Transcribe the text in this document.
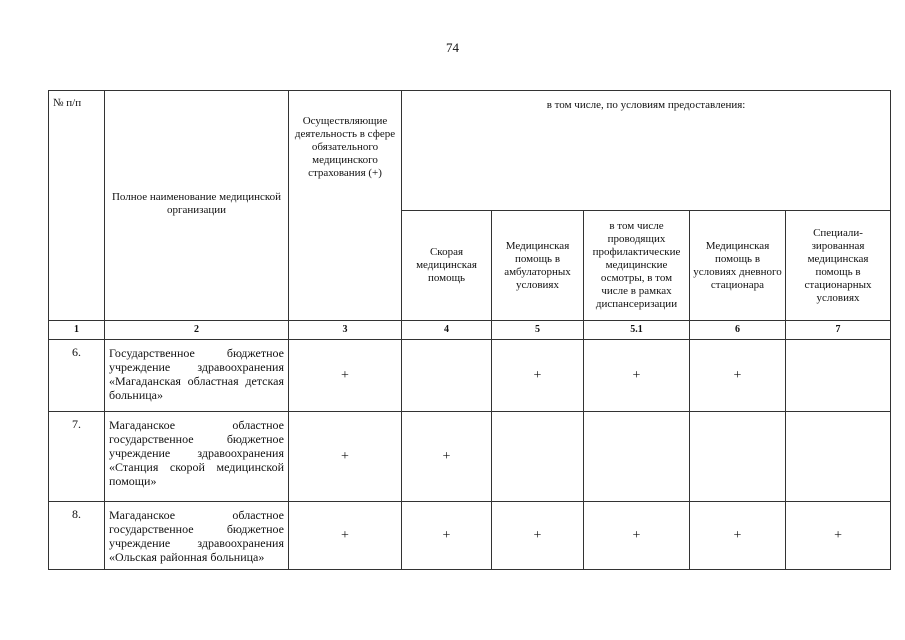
74
№ п/п	Полное наименование медицинской организации	Осуществляющие деятельность в сфере обязательного медицинского страхования (+)	в том числе, по условиям предоставления:				
			Скорая медицинская помощь	Медицинская помощь в амбулаторных условиях	в том числе проводящих профилактические медицинские осмотры, в том числе в рамках диспансеризации	Медицинская помощь в условиях дневного стационара	Специали-зированная медицинская помощь в стационарных условиях
1	2	3	4	5	5.1	6	7
6.	Государственное бюджетное учреждение здравоохранения «Магаданская областная детская больница»	+		+	+	+	
7.	Магаданское областное государственное бюджетное учреждение здравоохранения «Станция скорой медицинской помощи»	+	+				
8.	Магаданское областное государственное бюджетное учреждение здравоохранения «Ольская районная больница»	+	+	+	+	+	+
